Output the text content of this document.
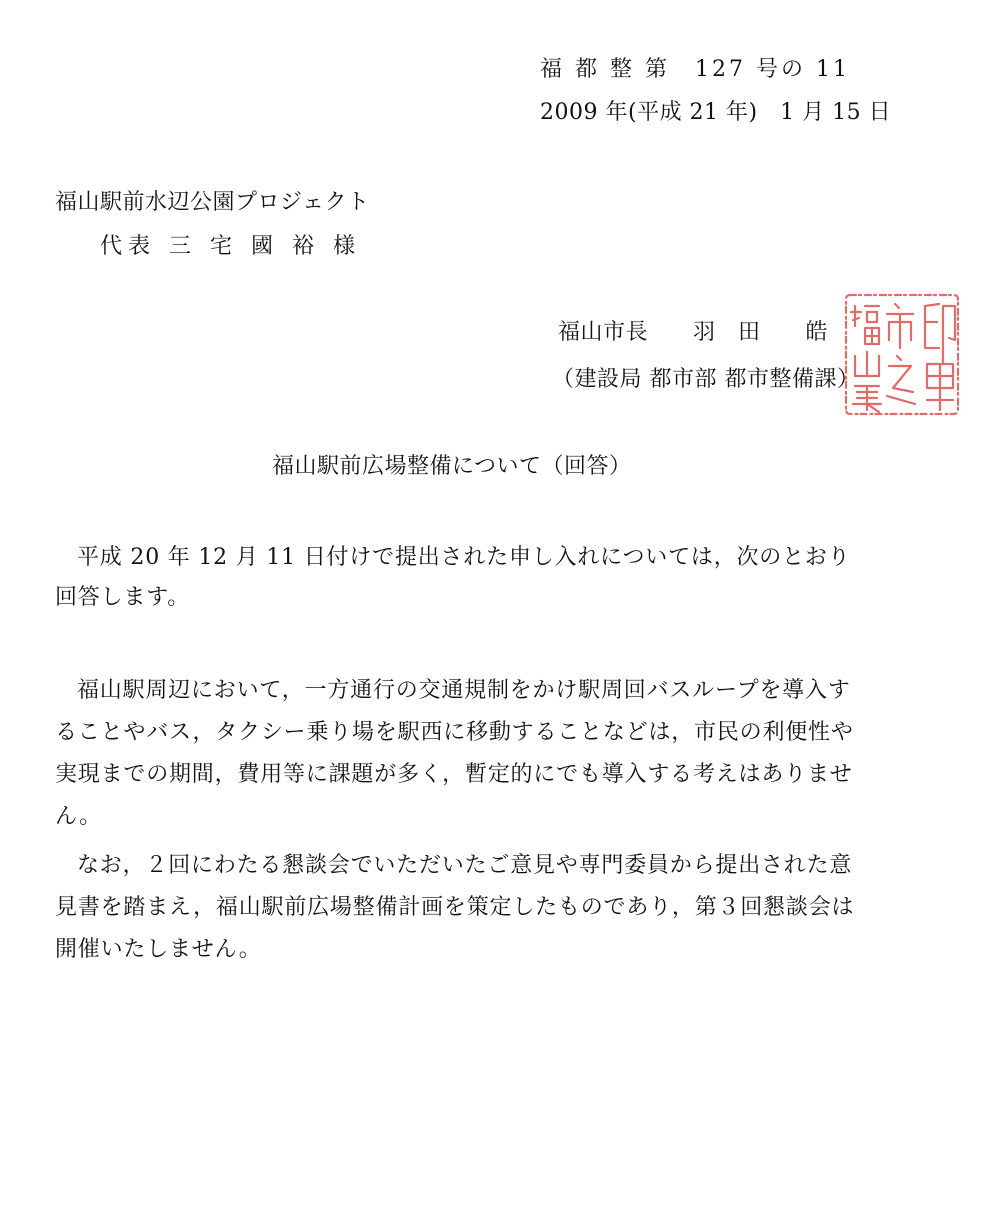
福 都 整 第　127 号の 11
2009 年(平成 21 年)　1 月 15 日
福山駅前水辺公園プロジェクト
代表 三 宅 國 裕 様
福山市長　　羽　田　　皓
（建設局 都市部 都市整備課）
福山駅前広場整備について（回答）

平成 20 年 12 月 11 日付けで提出された申し入れについては，次のとおり回答します。

福山駅周辺において，一方通行の交通規制をかけ駅周回バスループを導入することやバス，タクシー乗り場を駅西に移動することなどは，市民の利便性や実現までの期間，費用等に課題が多く，暫定的にでも導入する考えはありません。

なお，２回にわたる懇談会でいただいたご意見や専門委員から提出された意見書を踏まえ，福山駅前広場整備計画を策定したものであり，第３回懇談会は開催いたしません。
